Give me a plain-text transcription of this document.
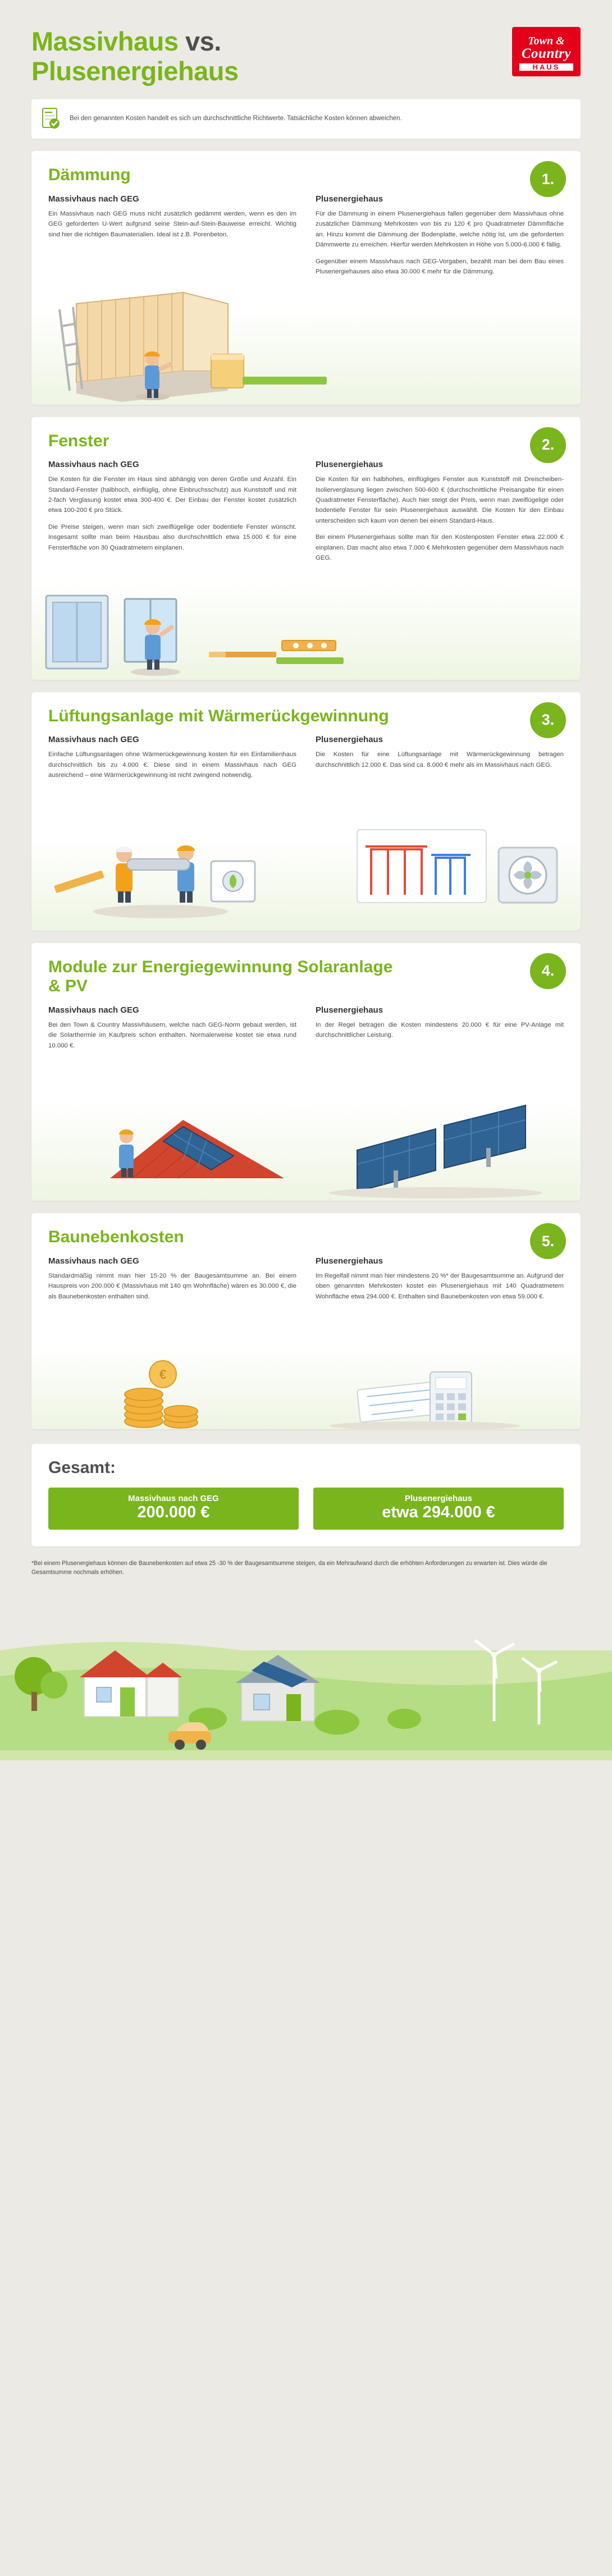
Massivhaus vs.
Plusenergiehaus
Town &
Country
HAUS
Bei den genannten Kosten handelt es sich um durchschnittliche Richtwerte. Tatsächliche Kosten können abweichen.
1.
Dämmung
Massivhaus nach GEG

Ein Massivhaus nach GEG muss nicht zusätzlich gedämmt werden, wenn es den im GEG geforderten U-Wert aufgrund seine Stein-auf-Stein-Bauweise erreicht. Wichtig sind hier die richtigen Baumaterialien. Ideal ist z.B. Porenbeton.

Plusenergiehaus

Für die Dämmung in einem Plusenergiehaus fallen gegenüber dem Massivhaus ohne zusätzlicher Dämmung Mehrkosten von bis zu 120 € pro Quadratmeter Dämmfläche an. Hinzu kommt die Dämmung der Bodenplatte, welche nötig ist, um die geforderten Dämmwerte zu erreichen. Hierfür werden Mehrkosten in Höhe von 5.000-6.000 € fällig.

Gegenüber einem Massivhaus nach GEG-Vorgaben, bezahlt man bei dem Bau eines Plusenergiehauses also etwa 30.000 € mehr für die Dämmung.

2.
Fenster
Massivhaus nach GEG

Die Kosten für die Fenster im Haus sind abhängig von deren Größe und Anzahl. Ein Standard-Fenster (halbhoch, einflüglig, ohne Einbruchsschutz) aus Kunststoff und mit 2-fach Verglasung kostet etwa 300-400 €. Der Einbau der Fenster kostet zusätzlich etwa 100-200 € pro Stück.

Die Preise steigen, wenn man sich zweiflügelige oder bodentiefe Fenster wünscht. Insgesamt sollte man beim Hausbau also durchschnittlich etwa 15.000 € für eine Fensterfläche von 30 Quadratmetern einplanen.

Plusenergiehaus

Die Kosten für ein halbhohes, einflügliges Fenster aus Kunststoff mit Dreischeiben-Isolierverglasung liegen zwischen 500-600 € (durchschnittliche Preisangabe für einen Quadratmeter Fensterfläche). Auch hier steigt der Preis, wenn man zweiflügelige oder bodentiefe Fenster für sein Plusenergiehaus auswählt. Die Kosten für den Einbau unterscheiden sich kaum von denen bei einem Standard-Haus.

Bei einem Plusenergiehaus sollte man für den Kostenposten Fenster etwa 22.000 € einplanen. Das macht also etwa 7.000 € Mehrkosten gegenüber dem Massivhaus nach GEG.

3.
Lüftungsanlage mit Wärmerückgewinnung
Massivhaus nach GEG

Einfache Lüftungsanlagen ohne Wärmerückgewinnung kosten für ein Einfamilienhaus durchschnittlich bis zu 4.000 €. Diese sind in einem Massivhaus nach GEG ausreichend – eine Wärmerückgewinnung ist nicht zwingend notwendig.

Plusenergiehaus

Die Kosten für eine Lüftungsanlage mit Wärmerückgewinnung betragen durchschnittlich 12.000 €. Das sind ca. 8.000 € mehr als im Massivhaus nach GEG.

4.
Module zur Energiegewinnung Solaranlage & PV
Massivhaus nach GEG

Bei den Town & Country Massivhäusern, welche nach GEG-Norm gebaut werden, ist die Solarthermie im Kaufpreis schon enthalten. Normalerweise kostet sie etwa rund 10.000 €.

Plusenergiehaus

In der Regel betragen die Kosten mindestens 20.000 € für eine PV-Anlage mit durchschnittlicher Leistung.

5.
Baunebenkosten
Massivhaus nach GEG

Standardmäßig nimmt man hier 15-20 % der Baugesamtsumme an. Bei einem Hauspreis von 200.000 € (Massivhaus mit 140 qm Wohnfläche) wären es 30.000 €, die als Baunebenkosten enthalten sind.

Plusenergiehaus

Im Regelfall nimmt man hier mindestens 20 %* der Baugesamtsumme an. Aufgrund der oben genannten Mehrkosten kostet ein Plusenergiehaus mit 140 Quadratmetern Wohnfläche etwa 294.000 €. Enthalten sind Baunebenkosten von etwa 59.000 €.

€
Gesamt:
Massivhaus nach GEG
200.000 €
Plusenergiehaus
etwa 294.000 €
*Bei einem Plusenergiehaus können die Baunebenkosten auf etwa 25 -30 % der Baugesamtsumme steigen, da ein Mehraufwand durch die erhöhten Anforderungen zu erwarten ist. Dies würde die Gesamtsumme nochmals erhöhen.
